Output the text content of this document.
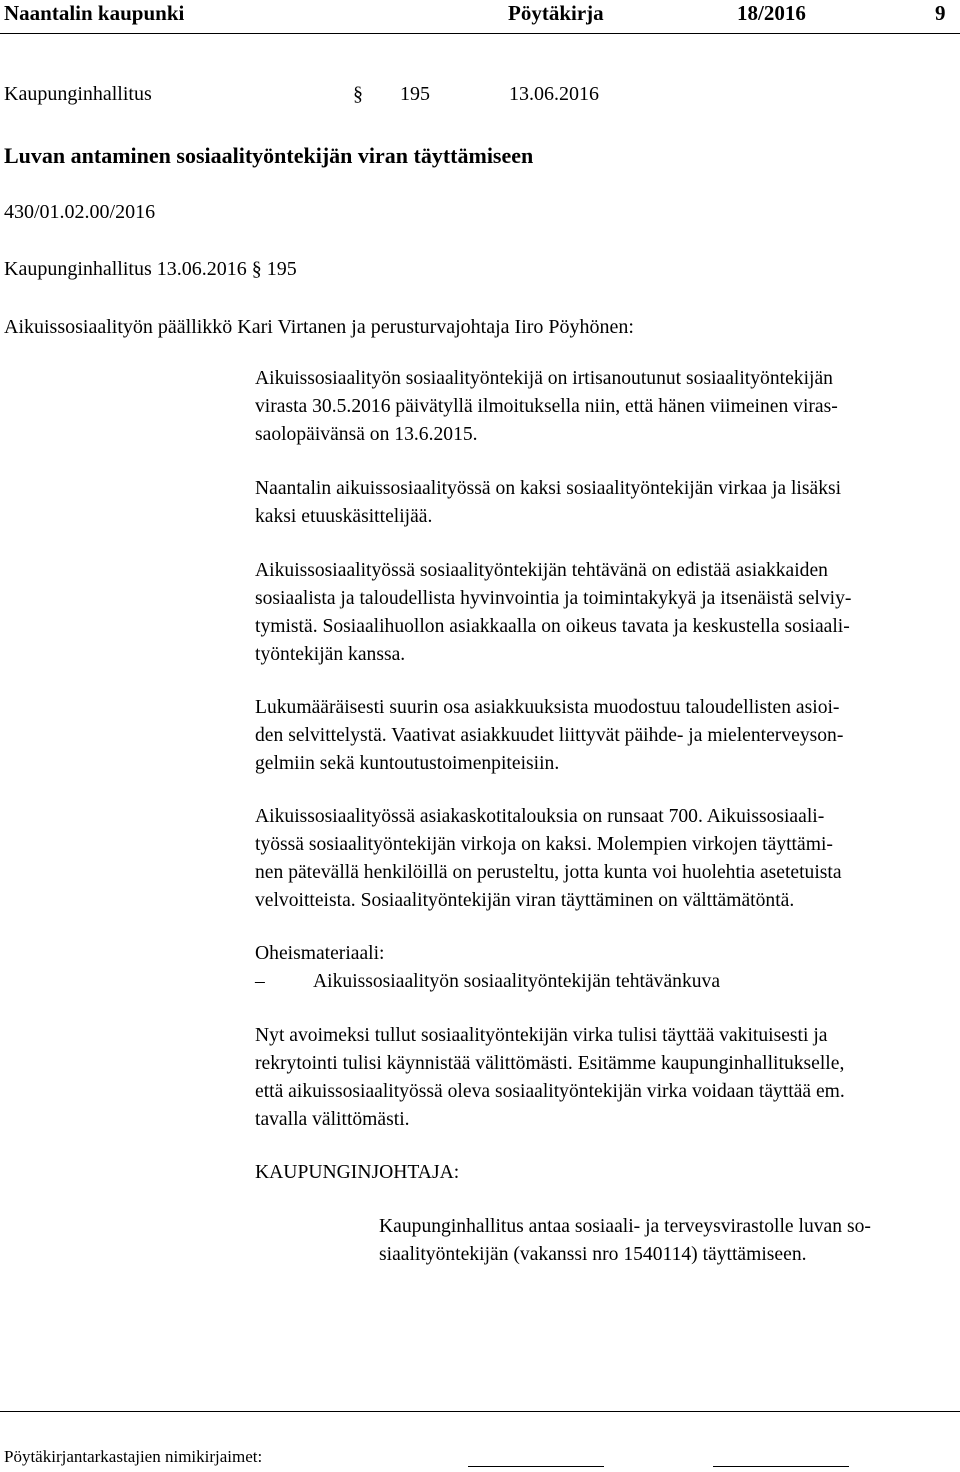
Naantalin kaupunki	Pöytäkirja	18/2016	9
Kaupunginhallitus	§ 195	13.06.2016
Luvan antaminen sosiaalityöntekijän viran täyttämiseen
430/01.02.00/2016
Kaupunginhallitus 13.06.2016 § 195
Aikuissosiaalityön päällikkö Kari Virtanen ja perusturvajohtaja Iiro Pöyhönen:
Aikuissosiaalityön sosiaalityöntekijä on irtisanoutunut sosiaalityöntekijän
virasta 30.5.2016 päivätyllä ilmoituksella niin, että hänen viimeinen viras-
saolopäivänsä on 13.6.2015.
Naantalin aikuissosiaalityössä on kaksi sosiaalityöntekijän virkaa ja lisäksi
kaksi etuuskäsittelijää.
Aikuissosiaalityössä sosiaalityöntekijän tehtävänä on edistää asiakkaiden
sosiaalista ja taloudellista hyvinvointia ja toimintakykyä ja itsenäistä selviy-
tymistä. Sosiaalihuollon asiakkaalla on oikeus tavata ja keskustella sosiaali-
työntekijän kanssa.
Lukumääräisesti suurin osa asiakkuuksista muodostuu taloudellisten asioi-
den selvittelystä. Vaativat asiakkuudet liittyvät päihde- ja mielenterveyson-
gelmiin sekä kuntoutustoimenpiteisiin.
Aikuissosiaalityössä asiakaskotitalouksia on runsaat 700. Aikuissosiaali-
työssä sosiaalityöntekijän virkoja on kaksi. Molempien virkojen täyttämi-
nen pätevällä henkilöillä on perusteltu, jotta kunta voi huolehtia asetetuista
velvoitteista. Sosiaalityöntekijän viran täyttäminen on välttämätöntä.
Oheismateriaali:
– Aikuissosiaalityön sosiaalityöntekijän tehtävänkuva
Nyt avoimeksi tullut sosiaalityöntekijän virka tulisi täyttää vakituisesti ja
rekrytointi tulisi käynnistää välittömästi. Esitämme kaupunginhallitukselle,
että aikuissosiaalityössä oleva sosiaalityöntekijän virka voidaan täyttää em.
tavalla välittömästi.
KAUPUNGINJOHTAJA:
Kaupunginhallitus antaa sosiaali- ja terveysvirastolle luvan so-
siaalityöntekijän (vakanssi nro 1540114) täyttämiseen.
Pöytäkirjantarkastajien nimikirjaimet:
